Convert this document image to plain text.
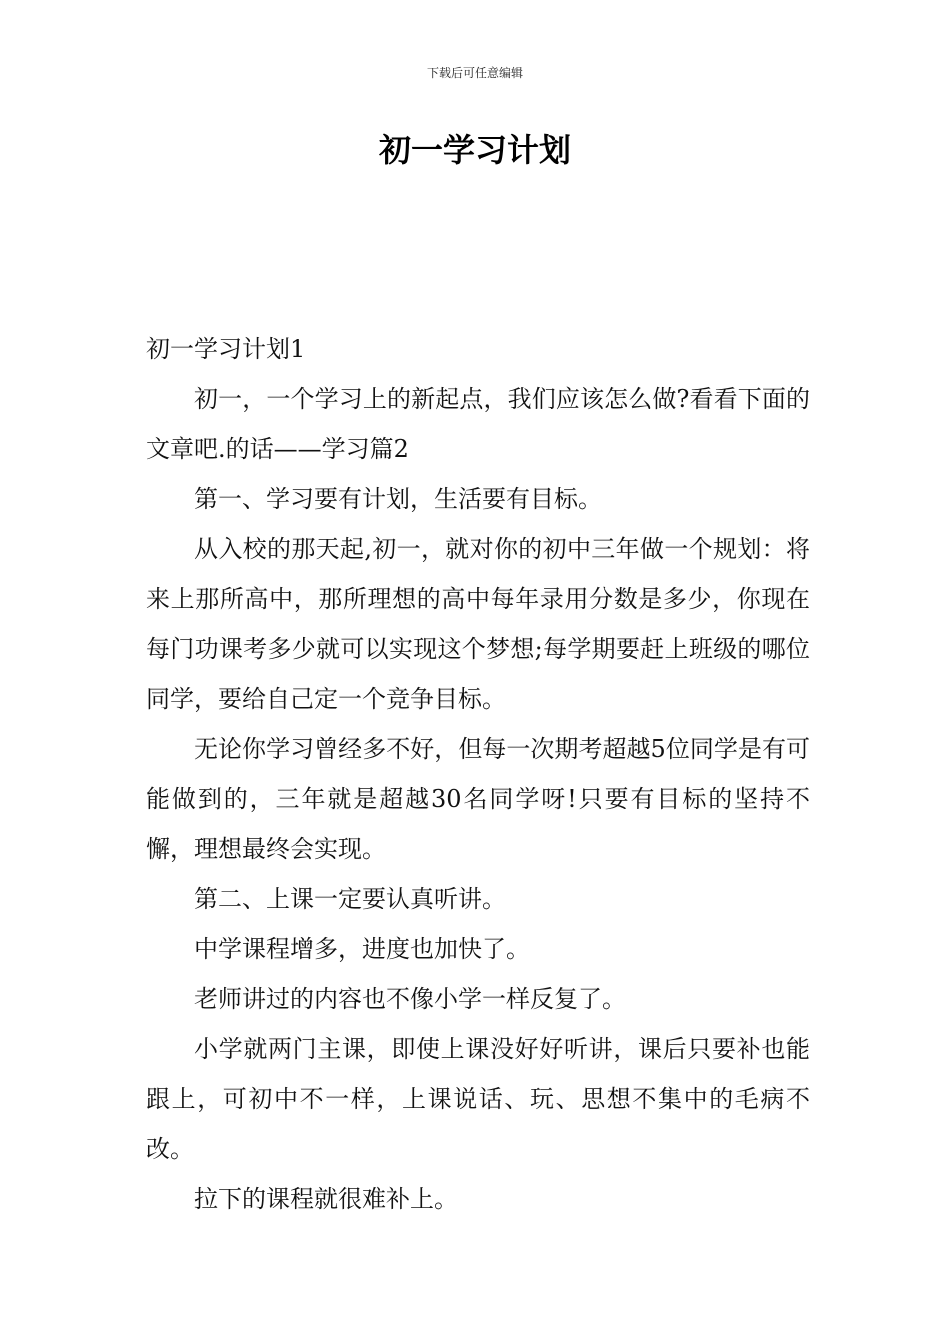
下载后可任意编辑
初一学习计划

初一学习计划1

初一，一个学习上的新起点，我们应该怎么做?看看下面的文章吧.的话——学习篇2

第一、学习要有计划，生活要有目标。

从入校的那天起,初一，就对你的初中三年做一个规划：将来上那所高中，那所理想的高中每年录用分数是多少，你现在每门功课考多少就可以实现这个梦想;每学期要赶上班级的哪位同学，要给自己定一个竞争目标。

无论你学习曾经多不好，但每一次期考超越5位同学是有可能做到的，三年就是超越30名同学呀!只要有目标的坚持不懈，理想最终会实现。

第二、上课一定要认真听讲。

中学课程增多，进度也加快了。

老师讲过的内容也不像小学一样反复了。

小学就两门主课，即使上课没好好听讲，课后只要补也能跟上，可初中不一样，上课说话、玩、思想不集中的毛病不改。

拉下的课程就很难补上。
